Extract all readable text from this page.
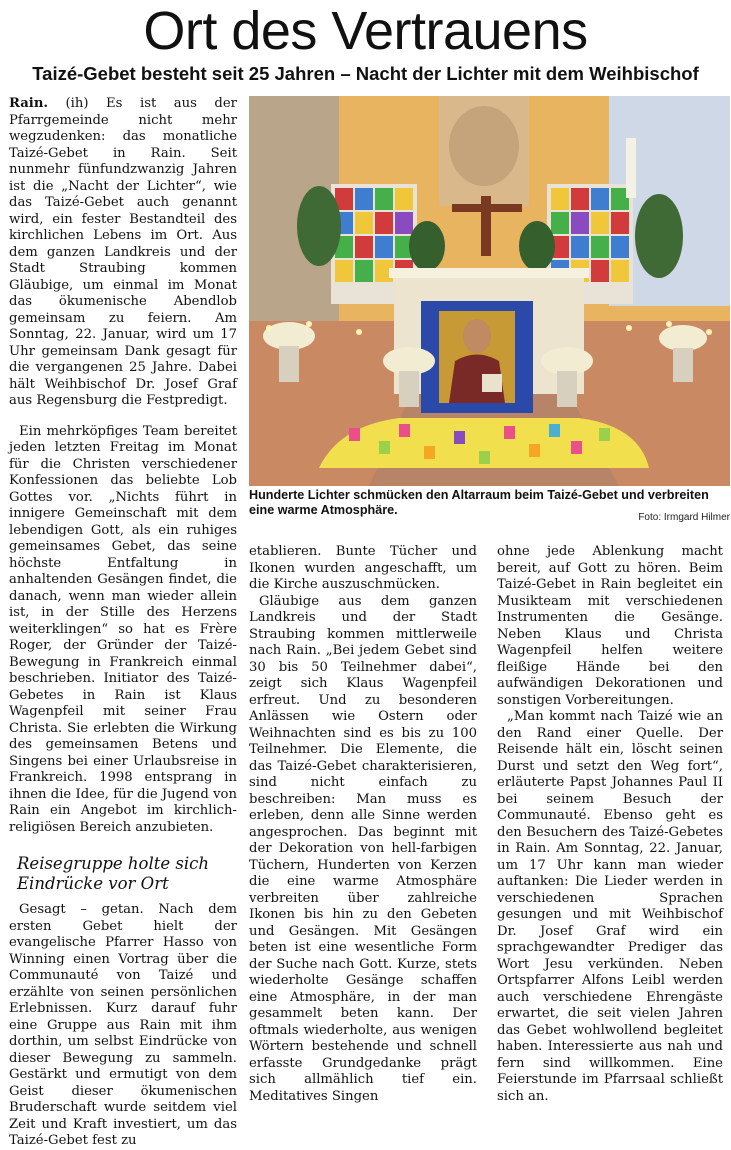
Ort des Vertrauens
Taizé-Gebet besteht seit 25 Jahren – Nacht der Lichter mit dem Weihbischof

Rain. (ih) Es ist aus der Pfarrgemeinde nicht mehr wegzudenken: das monatliche Taizé-Gebet in Rain. Seit nunmehr fünfundzwanzig Jahren ist die „Nacht der Lichter“, wie das Taizé-Gebet auch genannt wird, ein fester Bestandteil des kirchlichen Lebens im Ort. Aus dem ganzen Landkreis und der Stadt Straubing kommen Gläubige, um einmal im Monat das ökumenische Abendlob gemeinsam zu feiern. Am Sonntag, 22. Januar, wird um 17 Uhr gemeinsam Dank gesagt für die vergangenen 25 Jahre. Dabei hält Weihbischof Dr. Josef Graf aus Regensburg die Festpredigt.

Ein mehrköpfiges Team bereitet jeden letzten Freitag im Monat für die Christen verschiedener Konfessionen das beliebte Lob Gottes vor. „Nichts führt in innigere Gemeinschaft mit dem lebendigen Gott, als ein ruhiges gemeinsames Gebet, das seine höchste Entfaltung in anhaltenden Gesängen findet, die danach, wenn man wieder allein ist, in der Stille des Herzens weiterklingen“ so hat es Frère Roger, der Gründer der Taizé-Bewegung in Frankreich einmal beschrieben. Initiator des Taizé-Gebetes in Rain ist Klaus Wagenpfeil mit seiner Frau Christa. Sie erlebten die Wirkung des gemeinsamen Betens und Singens bei einer Urlaubsreise in Frankreich. 1998 entsprang in ihnen die Idee, für die Jugend von Rain ein Angebot im kirchlich-religiösen Bereich anzubieten.

Reisegruppe holte sich Eindrücke vor Ort

Gesagt – getan. Nach dem ersten Gebet hielt der evangelische Pfarrer Hasso von Winning einen Vortrag über die Communauté von Taizé und erzählte von seinen persönlichen Erlebnissen. Kurz darauf fuhr eine Gruppe aus Rain mit ihm dorthin, um selbst Eindrücke von dieser Bewegung zu sammeln. Gestärkt und ermutigt von dem Geist dieser ökumenischen Bruderschaft wurde seitdem viel Zeit und Kraft investiert, um das Taizé-Gebet fest zu

Hunderte Lichter schmücken den Altarraum beim Taizé-Gebet und verbreiten eine warme Atmosphäre.
Foto: Irmgard Hilmer

etablieren. Bunte Tücher und Ikonen wurden angeschafft, um die Kirche auszuschmücken.

Gläubige aus dem ganzen Landkreis und der Stadt Straubing kommen mittlerweile nach Rain. „Bei jedem Gebet sind 30 bis 50 Teilnehmer dabei“, zeigt sich Klaus Wagenpfeil erfreut. Und zu besonderen Anlässen wie Ostern oder Weihnachten sind es bis zu 100 Teilnehmer. Die Elemente, die das Taizé-Gebet charakterisieren, sind nicht einfach zu beschreiben: Man muss es erleben, denn alle Sinne werden angesprochen. Das beginnt mit der Dekoration von hell-farbigen Tüchern, Hunderten von Kerzen die eine warme Atmosphäre verbreiten über zahlreiche Ikonen bis hin zu den Gebeten und Gesängen. Mit Gesängen beten ist eine wesentliche Form der Suche nach Gott. Kurze, stets wiederholte Gesänge schaffen eine Atmosphäre, in der man gesammelt beten kann. Der oftmals wiederholte, aus wenigen Wörtern bestehende und schnell erfasste Grundgedanke prägt sich allmählich tief ein. Meditatives Singen

ohne jede Ablenkung macht bereit, auf Gott zu hören. Beim Taizé-Gebet in Rain begleitet ein Musikteam mit verschiedenen Instrumenten die Gesänge. Neben Klaus und Christa Wagenpfeil helfen weitere fleißige Hände bei den aufwändigen Dekorationen und sonstigen Vorbereitungen.

„Man kommt nach Taizé wie an den Rand einer Quelle. Der Reisende hält ein, löscht seinen Durst und setzt den Weg fort“, erläuterte Papst Johannes Paul II bei seinem Besuch der Communauté. Ebenso geht es den Besuchern des Taizé-Gebetes in Rain. Am Sonntag, 22. Januar, um 17 Uhr kann man wieder auftanken: Die Lieder werden in verschiedenen Sprachen gesungen und mit Weihbischof Dr. Josef Graf wird ein sprachgewandter Prediger das Wort Jesu verkünden. Neben Ortspfarrer Alfons Leibl werden auch verschiedene Ehrengäste erwartet, die seit vielen Jahren das Gebet wohlwollend begleitet haben. Interessierte aus nah und fern sind willkommen. Eine Feierstunde im Pfarrsaal schließt sich an.
